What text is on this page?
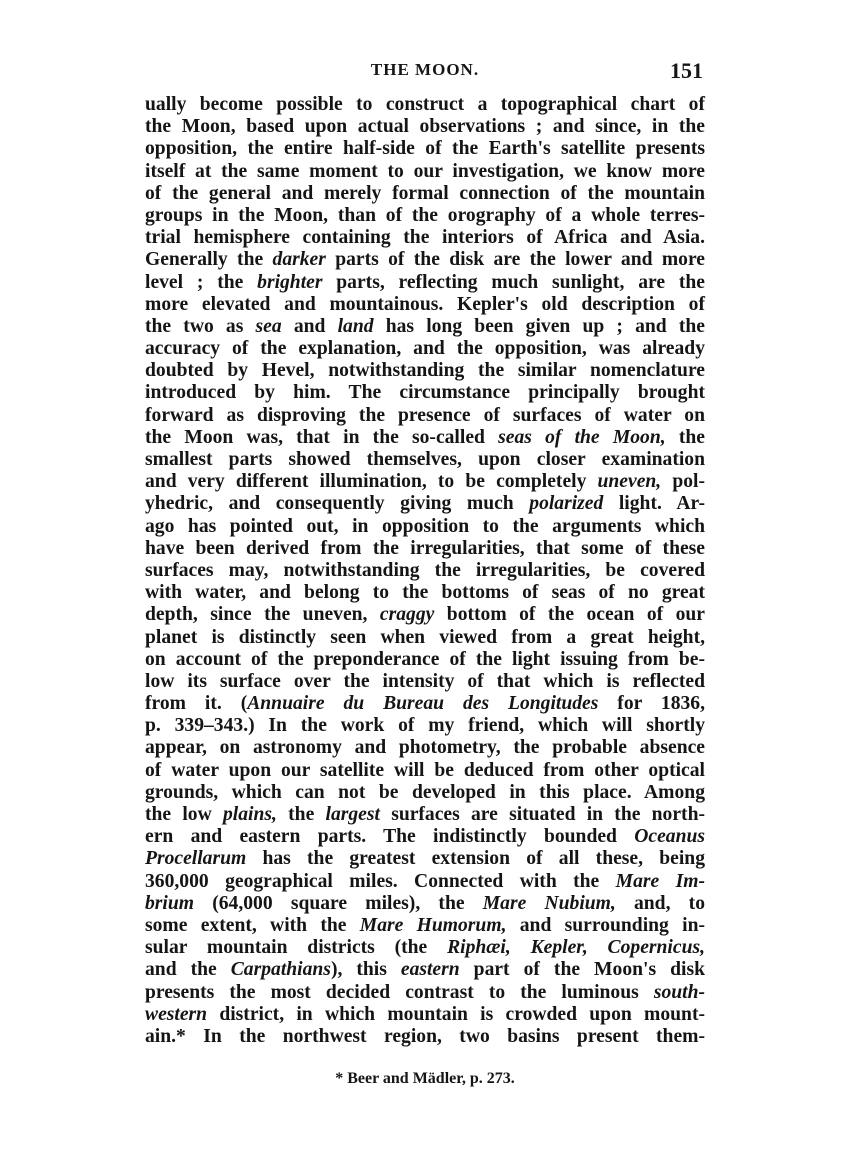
THE MOON.	151
ually become possible to construct a topographical chart of
the Moon, based upon actual observations ; and since, in the
opposition, the entire half-side of the Earth's satellite presents
itself at the same moment to our investigation, we know more
of the general and merely formal connection of the mountain
groups in the Moon, than of the orography of a whole terres-
trial hemisphere containing the interiors of Africa and Asia.
Generally the darker parts of the disk are the lower and more
level ; the brighter parts, reflecting much sunlight, are the
more elevated and mountainous. Kepler's old description of
the two as sea and land has long been given up ; and the
accuracy of the explanation, and the opposition, was already
doubted by Hevel, notwithstanding the similar nomenclature
introduced by him. The circumstance principally brought
forward as disproving the presence of surfaces of water on
the Moon was, that in the so-called seas of the Moon, the
smallest parts showed themselves, upon closer examination
and very different illumination, to be completely uneven, pol-
yhedric, and consequently giving much polarized light. Ar-
ago has pointed out, in opposition to the arguments which
have been derived from the irregularities, that some of these
surfaces may, notwithstanding the irregularities, be covered
with water, and belong to the bottoms of seas of no great
depth, since the uneven, craggy bottom of the ocean of our
planet is distinctly seen when viewed from a great height,
on account of the preponderance of the light issuing from be-
low its surface over the intensity of that which is reflected
from it. (Annuaire du Bureau des Longitudes for 1836,
p. 339–343.) In the work of my friend, which will shortly
appear, on astronomy and photometry, the probable absence
of water upon our satellite will be deduced from other optical
grounds, which can not be developed in this place. Among
the low plains, the largest surfaces are situated in the north-
ern and eastern parts. The indistinctly bounded Oceanus
Procellarum has the greatest extension of all these, being
360,000 geographical miles. Connected with the Mare Im-
brium (64,000 square miles), the Mare Nubium, and, to
some extent, with the Mare Humorum, and surrounding in-
sular mountain districts (the Riphæi, Kepler, Copernicus,
and the Carpathians), this eastern part of the Moon's disk
presents the most decided contrast to the luminous south-
western district, in which mountain is crowded upon mount-
ain.* In the northwest region, two basins present them-
* Beer and Mädler, p. 273.
